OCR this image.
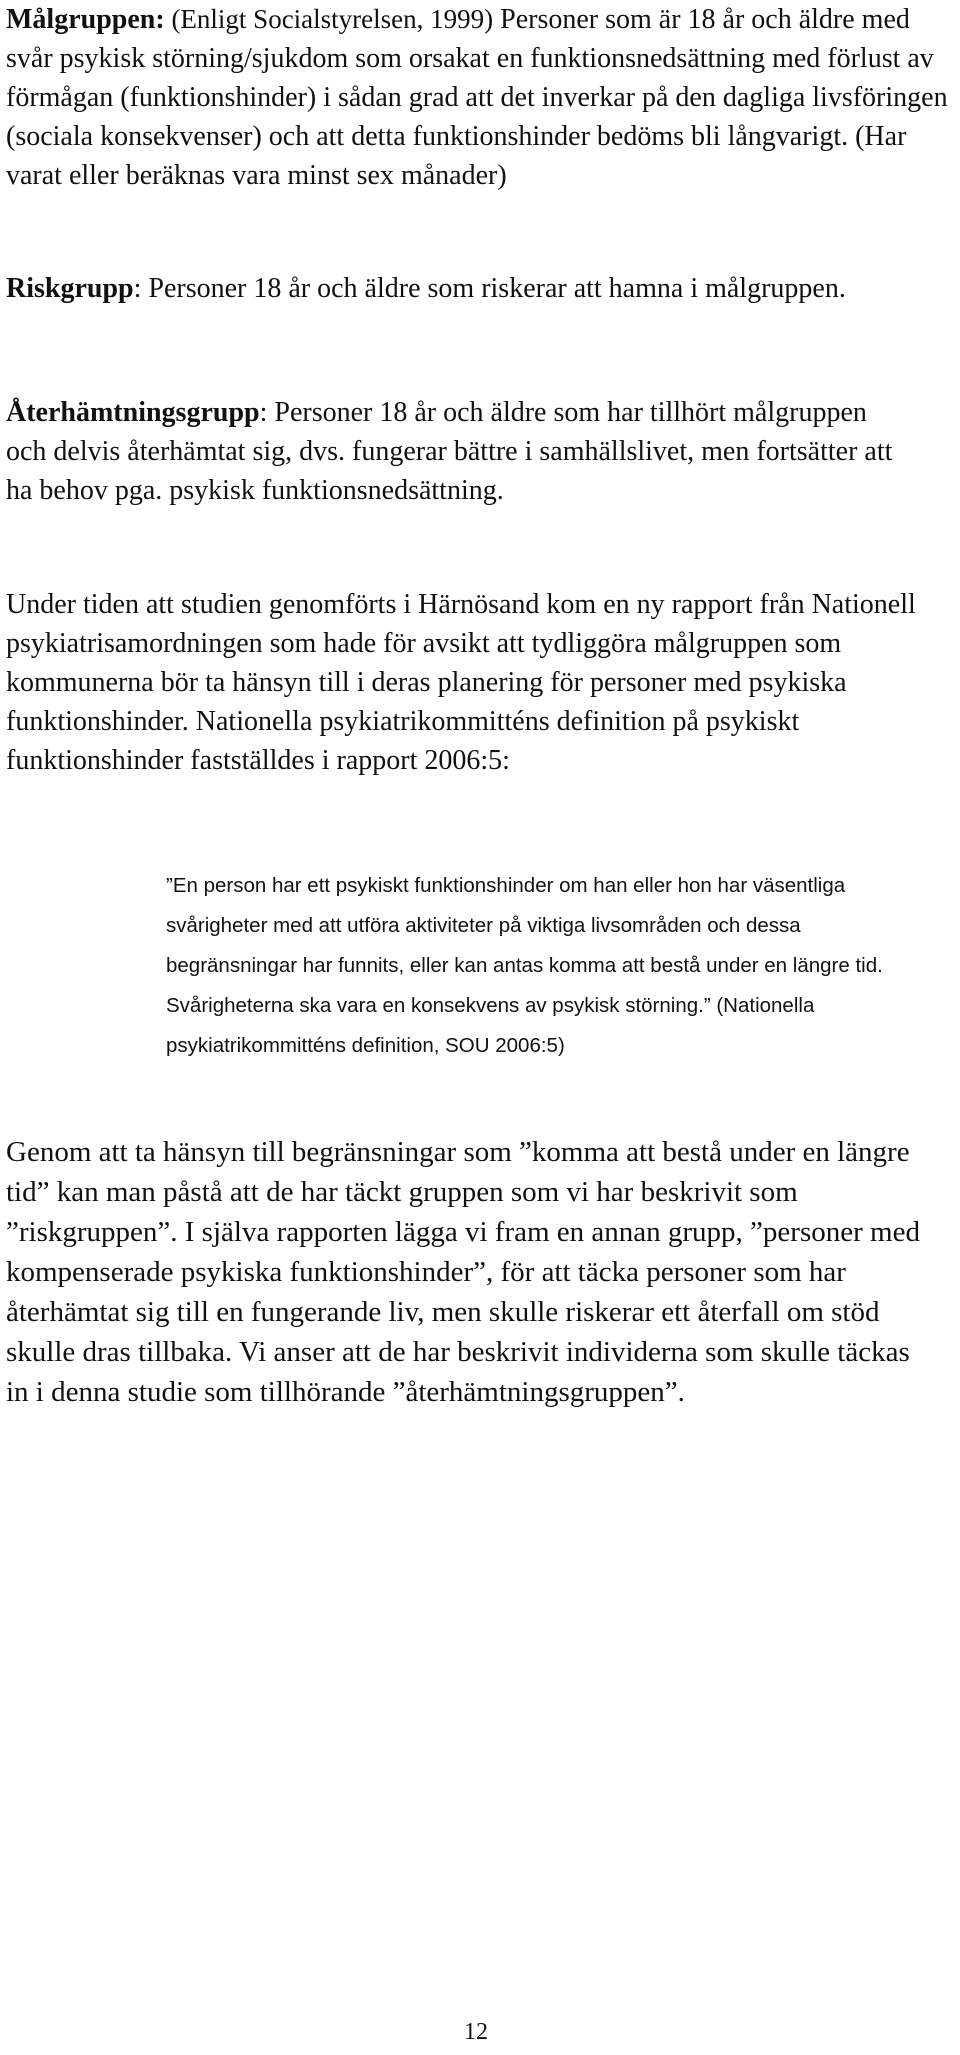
Målgruppen: (Enligt Socialstyrelsen, 1999) Personer som är 18 år och äldre med svår psykisk störning/sjukdom som orsakat en funktionsnedsättning med förlust av förmågan (funktionshinder) i sådan grad att det inverkar på den dagliga livsföringen (sociala konsekvenser) och att detta funktionshinder bedöms bli långvarigt. (Har varat eller beräknas vara minst sex månader)

Riskgrupp: Personer 18 år och äldre som riskerar att hamna i målgruppen.

Återhämtningsgrupp: Personer 18 år och äldre som har tillhört målgruppen och delvis återhämtat sig, dvs. fungerar bättre i samhällslivet, men fortsätter att ha behov pga. psykisk funktionsnedsättning.

Under tiden att studien genomförts i Härnösand kom en ny rapport från Nationell psykiatrisamordningen som hade för avsikt att tydliggöra målgruppen som kommunerna bör ta hänsyn till i deras planering för personer med psykiska funktionshinder. Nationella psykiatrikommitténs definition på psykiskt funktionshinder fastställdes i rapport 2006:5:

”En person har ett psykiskt funktionshinder om han eller hon har väsentliga svårigheter med att utföra aktiviteter på viktiga livsområden och dessa begränsningar har funnits, eller kan antas komma att bestå under en längre tid. Svårigheterna ska vara en konsekvens av psykisk störning.” (Nationella psykiatrikommitténs definition, SOU 2006:5)

Genom att ta hänsyn till begränsningar som ”komma att bestå under en längre tid” kan man påstå att de har täckt gruppen som vi har beskrivit som ”riskgruppen”. I själva rapporten lägga vi fram en annan grupp, ”personer med kompenserade psykiska funktionshinder”, för att täcka personer som har återhämtat sig till en fungerande liv, men skulle riskerar ett återfall om stöd skulle dras tillbaka. Vi anser att de har beskrivit individerna som skulle täckas in i denna studie som tillhörande ”återhämtningsgruppen”.

12
